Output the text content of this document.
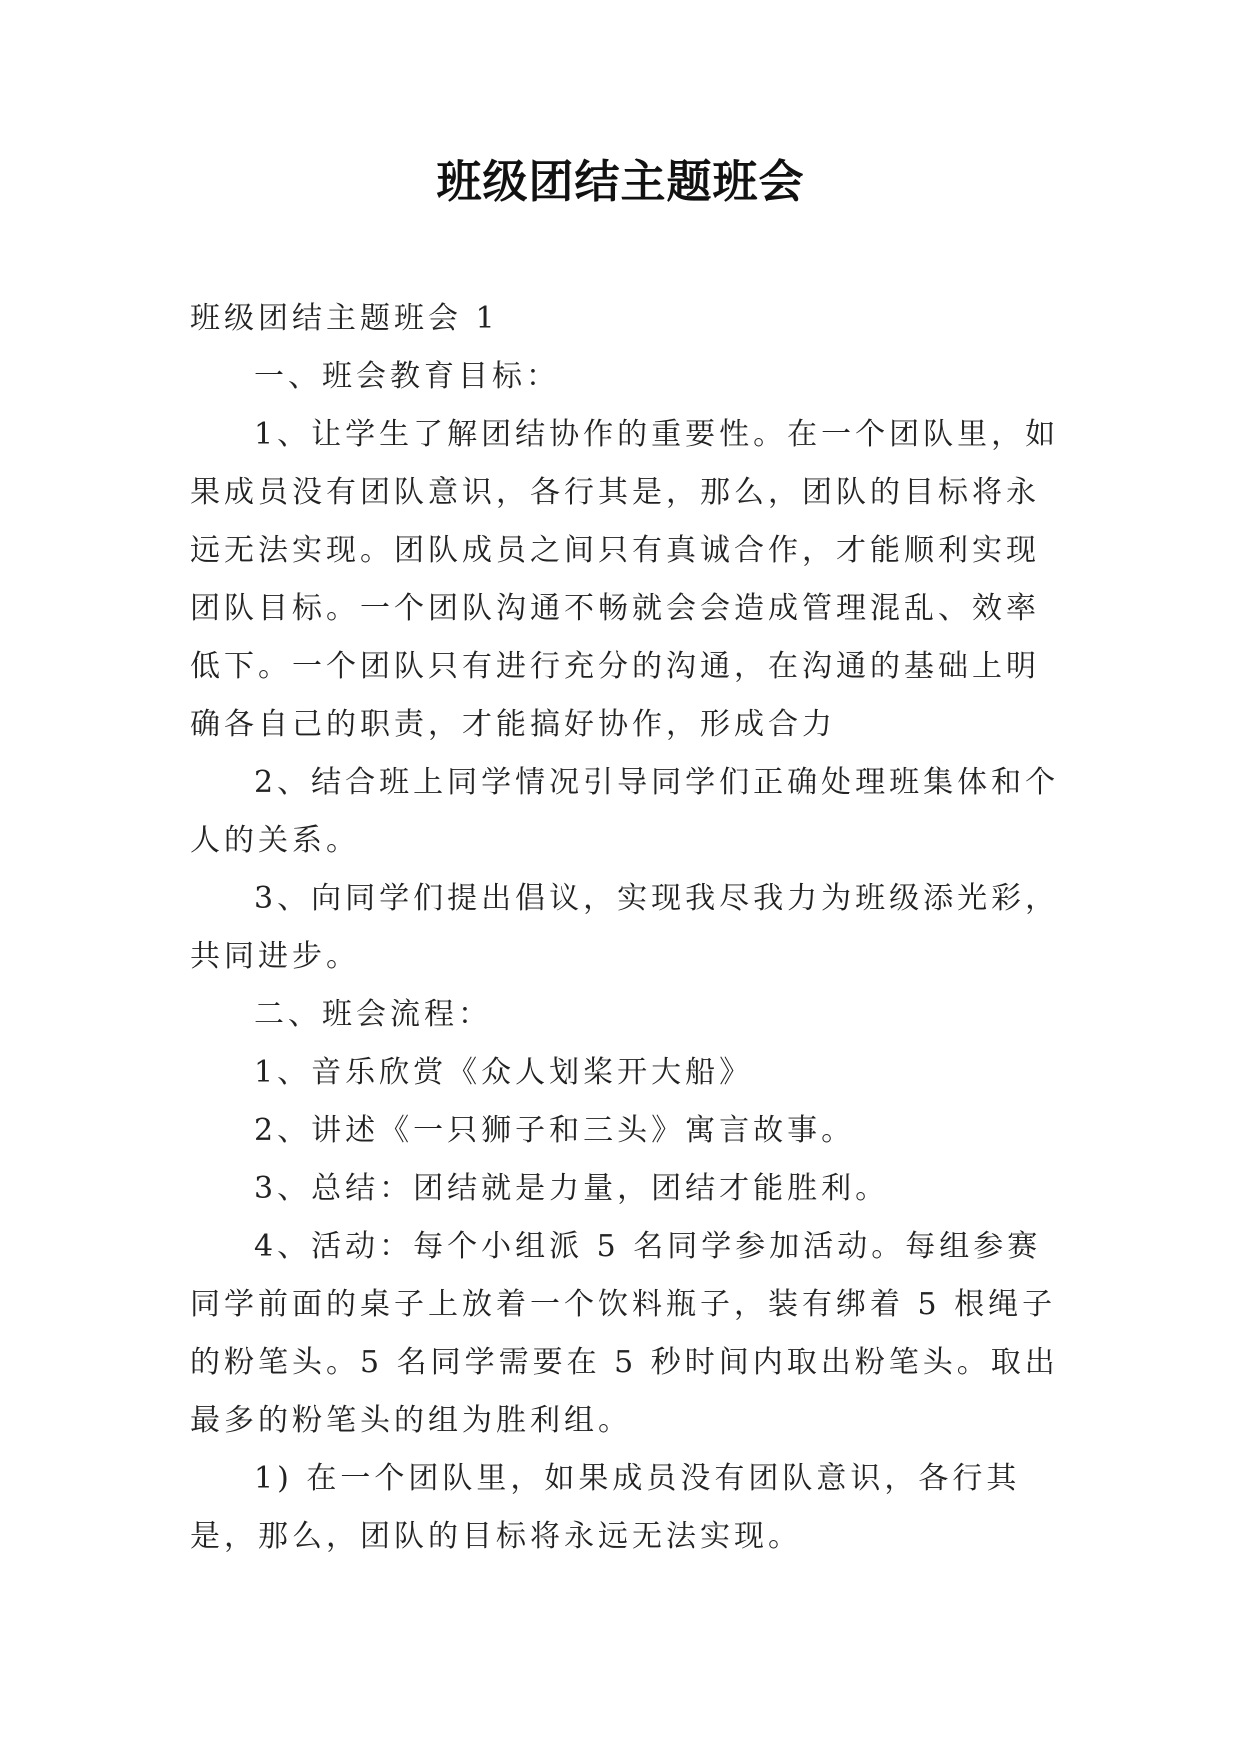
班级团结主题班会

班级团结主题班会 1

一、班会教育目标：

1、让学生了解团结协作的重要性。在一个团队里，如果成员没有团队意识，各行其是，那么，团队的目标将永远无法实现。团队成员之间只有真诚合作，才能顺利实现团队目标。一个团队沟通不畅就会会造成管理混乱、效率低下。一个团队只有进行充分的沟通，在沟通的基础上明确各自己的职责，才能搞好协作，形成合力

2、结合班上同学情况引导同学们正确处理班集体和个人的关系。

3、向同学们提出倡议，实现我尽我力为班级添光彩，共同进步。

二、班会流程：

1、音乐欣赏《众人划桨开大船》

2、讲述《一只狮子和三头》寓言故事。

3、总结：团结就是力量，团结才能胜利。

4、活动：每个小组派 5 名同学参加活动。每组参赛同学前面的桌子上放着一个饮料瓶子，装有绑着 5 根绳子的粉笔头。5 名同学需要在 5 秒时间内取出粉笔头。取出最多的粉笔头的组为胜利组。

1) 在一个团队里，如果成员没有团队意识，各行其是，那么，团队的目标将永远无法实现。
